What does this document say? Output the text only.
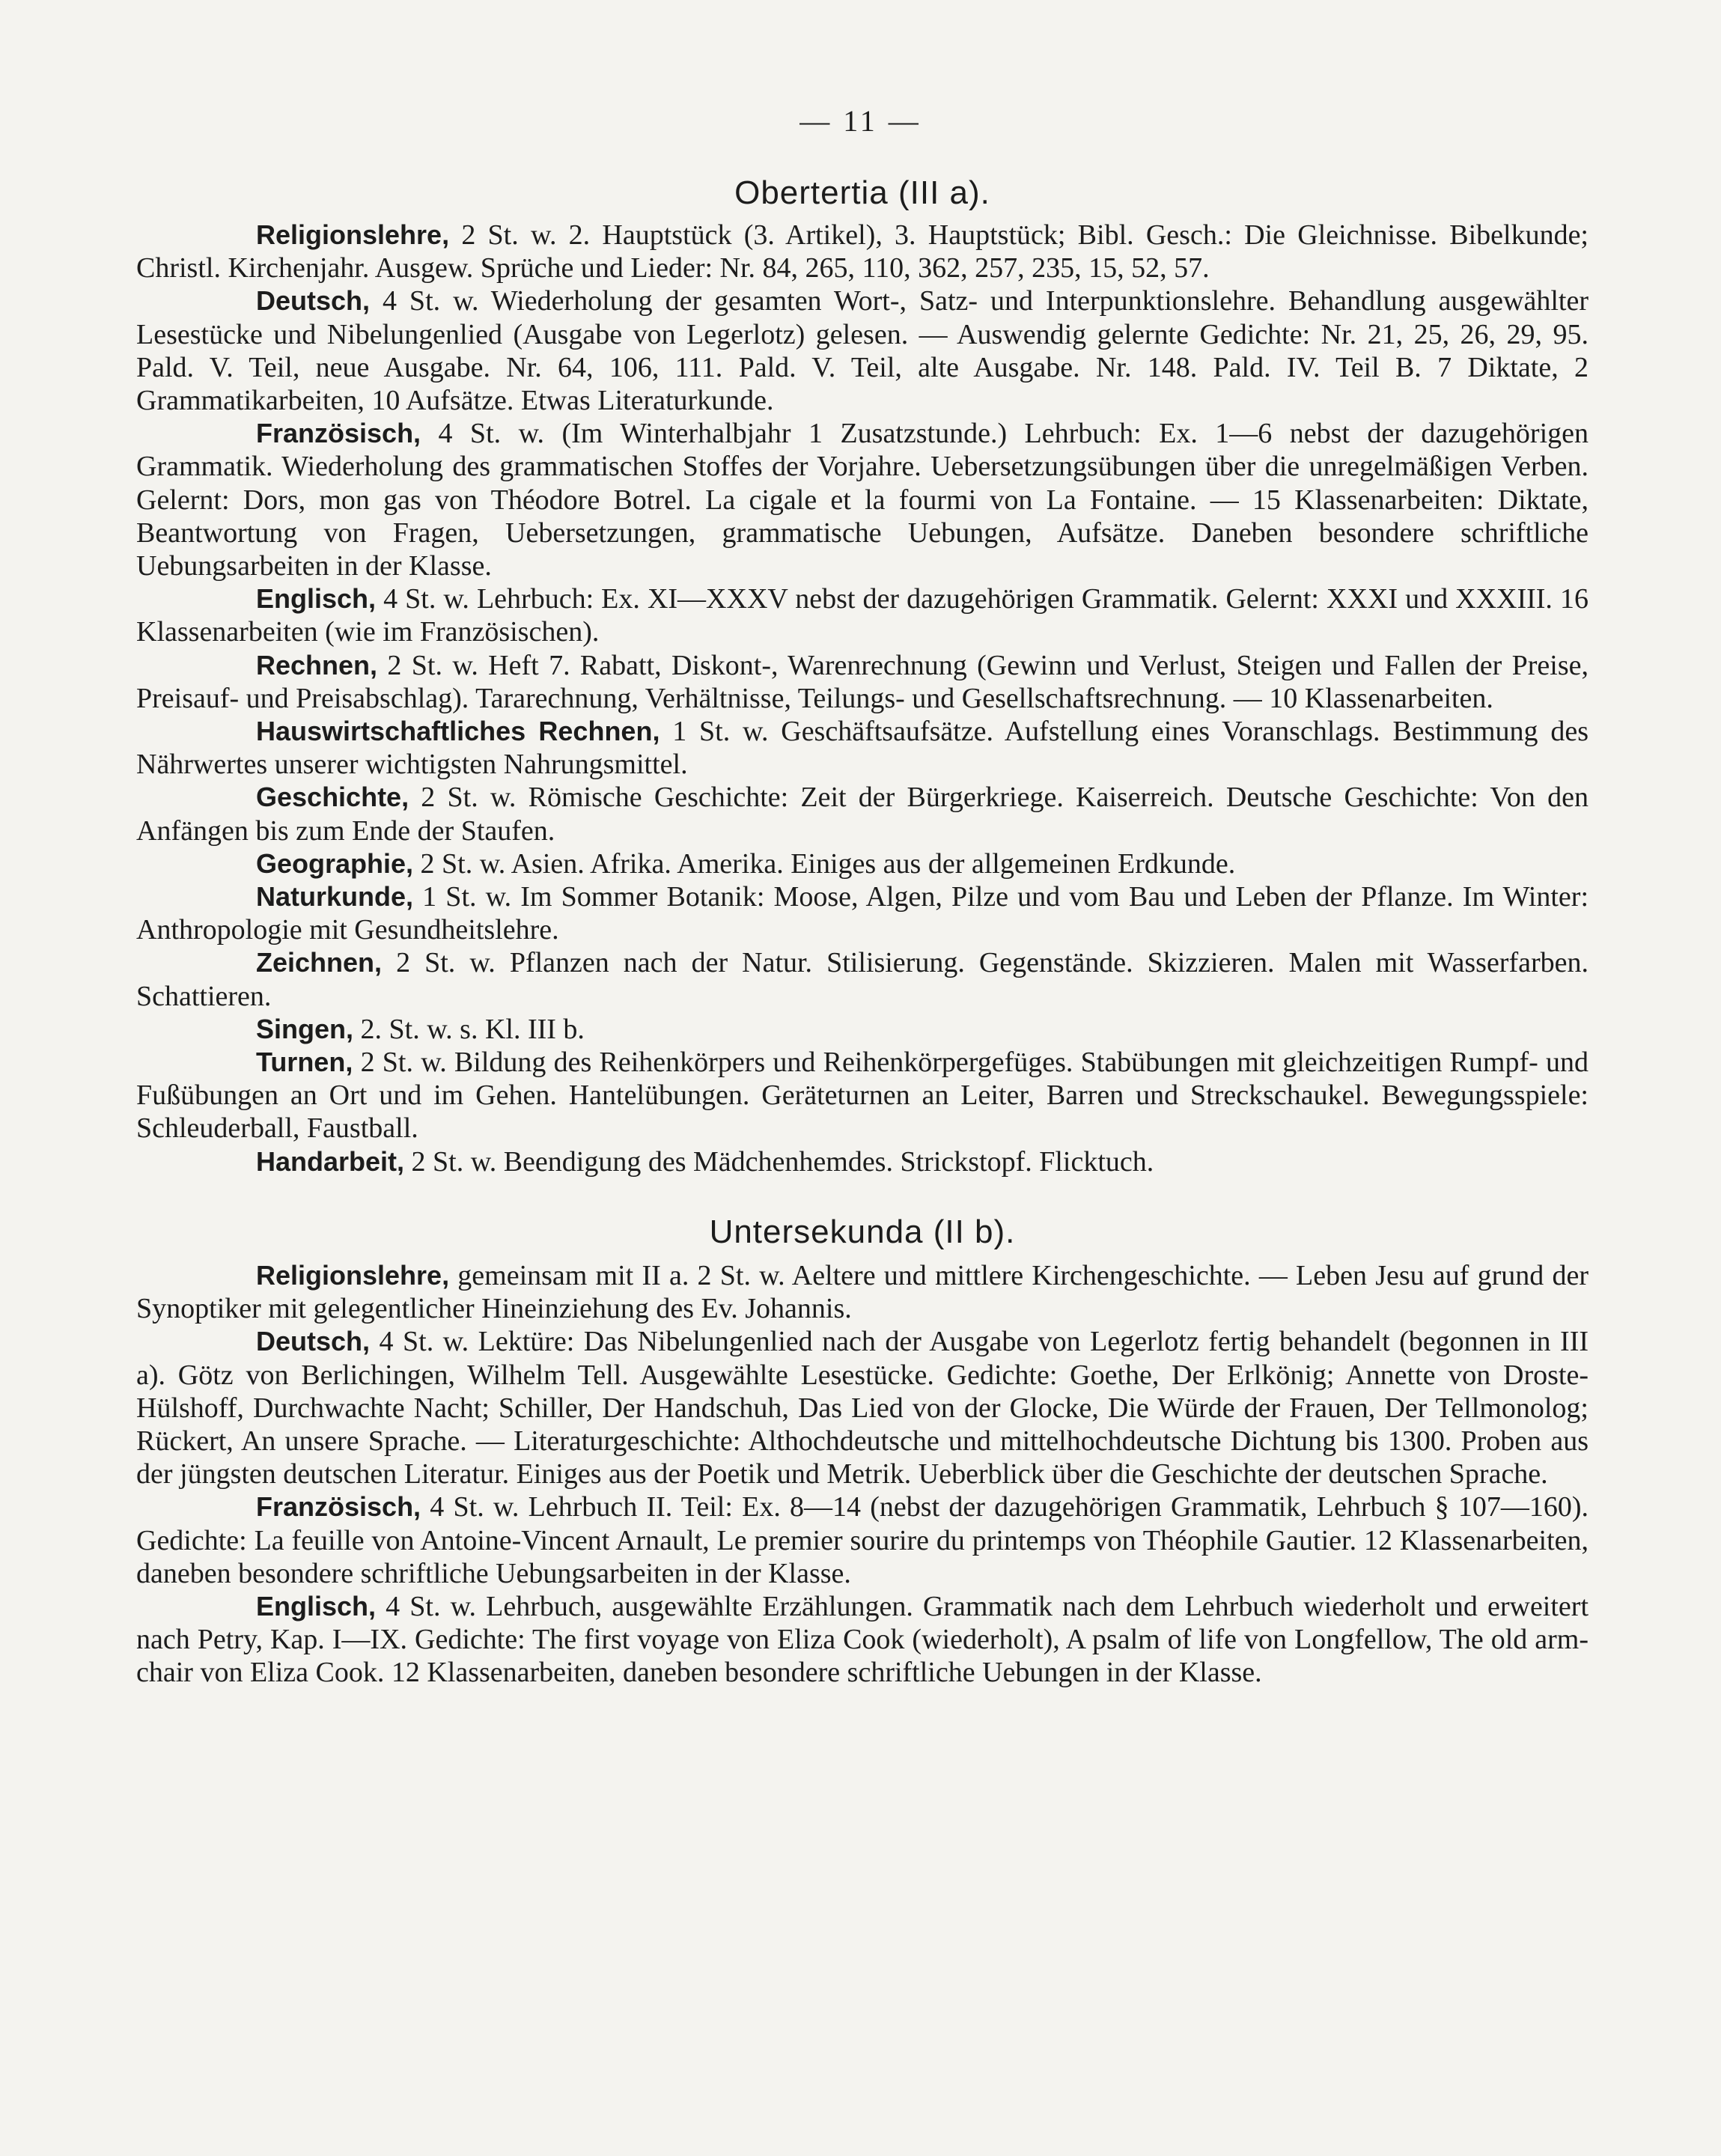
— 11 —
Obertertia (III a).

Religionslehre, 2 St. w. 2. Hauptstück (3. Artikel), 3. Hauptstück; Bibl. Gesch.: Die Gleichnisse. Bibelkunde; Christl. Kirchenjahr. Ausgew. Sprüche und Lieder: Nr. 84, 265, 110, 362, 257, 235, 15, 52, 57.

Deutsch, 4 St. w. Wiederholung der gesamten Wort-, Satz- und Interpunktionslehre. Behandlung ausgewählter Lesestücke und Nibelungenlied (Ausgabe von Legerlotz) gelesen. — Auswendig gelernte Gedichte: Nr. 21, 25, 26, 29, 95. Pald. V. Teil, neue Ausgabe. Nr. 64, 106, 111. Pald. V. Teil, alte Ausgabe. Nr. 148. Pald. IV. Teil B. 7 Diktate, 2 Grammatikarbeiten, 10 Aufsätze. Etwas Literaturkunde.

Französisch, 4 St. w. (Im Winterhalbjahr 1 Zusatzstunde.) Lehrbuch: Ex. 1—6 nebst der dazugehörigen Grammatik. Wiederholung des grammatischen Stoffes der Vorjahre. Uebersetzungsübungen über die unregelmäßigen Verben. Gelernt: Dors, mon gas von Théodore Botrel. La cigale et la fourmi von La Fontaine. — 15 Klassenarbeiten: Diktate, Beantwortung von Fragen, Uebersetzungen, grammatische Uebungen, Aufsätze. Daneben besondere schriftliche Uebungsarbeiten in der Klasse.

Englisch, 4 St. w. Lehrbuch: Ex. XI—XXXV nebst der dazugehörigen Grammatik. Gelernt: XXXI und XXXIII. 16 Klassenarbeiten (wie im Französischen).

Rechnen, 2 St. w. Heft 7. Rabatt, Diskont-, Warenrechnung (Gewinn und Verlust, Steigen und Fallen der Preise, Preisauf- und Preisabschlag). Tararechnung, Verhältnisse, Teilungs- und Gesellschaftsrechnung. — 10 Klassenarbeiten.

Hauswirtschaftliches Rechnen, 1 St. w. Geschäftsaufsätze. Aufstellung eines Voranschlags. Bestimmung des Nährwertes unserer wichtigsten Nahrungsmittel.

Geschichte, 2 St. w. Römische Geschichte: Zeit der Bürgerkriege. Kaiserreich. Deutsche Geschichte: Von den Anfängen bis zum Ende der Staufen.

Geographie, 2 St. w. Asien. Afrika. Amerika. Einiges aus der allgemeinen Erdkunde.

Naturkunde, 1 St. w. Im Sommer Botanik: Moose, Algen, Pilze und vom Bau und Leben der Pflanze. Im Winter: Anthropologie mit Gesundheitslehre.

Zeichnen, 2 St. w. Pflanzen nach der Natur. Stilisierung. Gegenstände. Skizzieren. Malen mit Wasserfarben. Schattieren.

Singen, 2. St. w. s. Kl. III b.

Turnen, 2 St. w. Bildung des Reihenkörpers und Reihenkörpergefüges. Stabübungen mit gleichzeitigen Rumpf- und Fußübungen an Ort und im Gehen. Hantelübungen. Geräteturnen an Leiter, Barren und Streckschaukel. Bewegungsspiele: Schleuderball, Faustball.

Handarbeit, 2 St. w. Beendigung des Mädchenhemdes. Strickstopf. Flicktuch.

Untersekunda (II b).

Religionslehre, gemeinsam mit II a. 2 St. w. Aeltere und mittlere Kirchengeschichte. — Leben Jesu auf grund der Synoptiker mit gelegentlicher Hineinziehung des Ev. Johannis.

Deutsch, 4 St. w. Lektüre: Das Nibelungenlied nach der Ausgabe von Legerlotz fertig behandelt (begonnen in III a). Götz von Berlichingen, Wilhelm Tell. Ausgewählte Lesestücke. Gedichte: Goethe, Der Erlkönig; Annette von Droste-Hülshoff, Durchwachte Nacht; Schiller, Der Handschuh, Das Lied von der Glocke, Die Würde der Frauen, Der Tellmonolog; Rückert, An unsere Sprache. — Literaturgeschichte: Althochdeutsche und mittelhochdeutsche Dichtung bis 1300. Proben aus der jüngsten deutschen Literatur. Einiges aus der Poetik und Metrik. Ueberblick über die Geschichte der deutschen Sprache.

Französisch, 4 St. w. Lehrbuch II. Teil: Ex. 8—14 (nebst der dazugehörigen Grammatik, Lehrbuch § 107—160). Gedichte: La feuille von Antoine-Vincent Arnault, Le premier sourire du printemps von Théophile Gautier. 12 Klassenarbeiten, daneben besondere schriftliche Uebungsarbeiten in der Klasse.

Englisch, 4 St. w. Lehrbuch, ausgewählte Erzählungen. Grammatik nach dem Lehrbuch wiederholt und erweitert nach Petry, Kap. I—IX. Gedichte: The first voyage von Eliza Cook (wiederholt), A psalm of life von Longfellow, The old arm-chair von Eliza Cook. 12 Klassenarbeiten, daneben besondere schriftliche Uebungen in der Klasse.
